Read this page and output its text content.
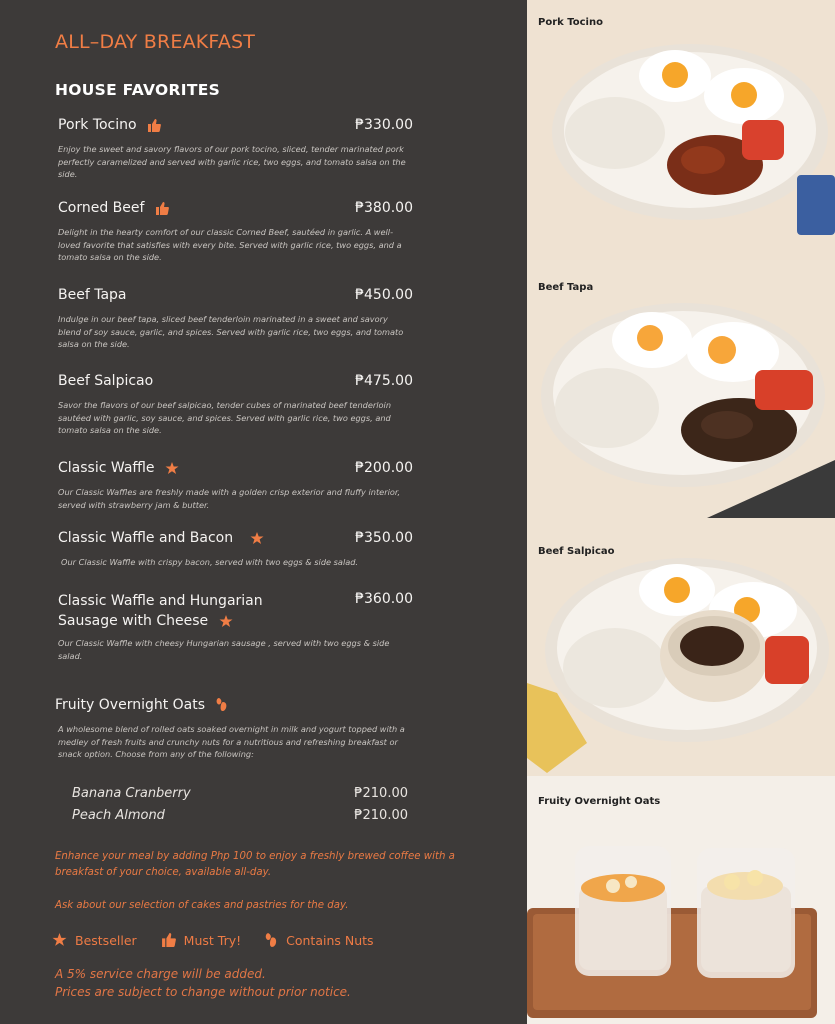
ALL–DAY BREAKFAST
HOUSE FAVORITES
Pork Tocino	₱330.00
Enjoy the sweet and savory flavors of our pork tocino, sliced, tender marinated pork perfectly caramelized and served with garlic rice, two eggs, and tomato salsa on the side.
Corned Beef	₱380.00
Delight in the hearty comfort of our classic Corned Beef, sautéed in garlic. A well-loved favorite that satisfies with every bite. Served with garlic rice, two eggs, and a tomato salsa on the side.
Beef Tapa	₱450.00
Indulge in our beef tapa, sliced beef tenderloin marinated in a sweet and savory blend of soy sauce, garlic, and spices. Served with garlic rice, two eggs, and tomato salsa on the side.
Beef Salpicao	₱475.00
Savor the flavors of our beef salpicao, tender cubes of marinated beef tenderloin sautéed with garlic, soy sauce, and spices. Served with garlic rice, two eggs, and tomato salsa on the side.
Classic Waffle	₱200.00
Our Classic Waffles are freshly made with a golden crisp exterior and fluffy interior, served with strawberry jam & butter.
Classic Waffle and Bacon	₱350.00
Our Classic Waffle with crispy bacon, served with two eggs & side salad.
Classic Waffle and Hungarian Sausage with Cheese
₱360.00
Our Classic Waffle with cheesy Hungarian sausage , served with two eggs & side salad.
Fruity Overnight Oats
A wholesome blend of rolled oats soaked overnight in milk and yogurt topped with a medley of fresh fruits and crunchy nuts for a nutritious and refreshing breakfast or snack option. Choose from any of the following:
Banana Cranberry	₱210.00
Peach Almond	₱210.00
Enhance your meal by adding Php 100 to enjoy a freshly brewed coffee with a breakfast of your choice, available all-day.
Ask about our selection of cakes and pastries for the day.
Bestseller	Must Try!	Contains Nuts
A 5% service charge will be added.
Prices are subject to change without prior notice.
Pork Tocino
Beef Tapa
Beef Salpicao
Fruity Overnight Oats
